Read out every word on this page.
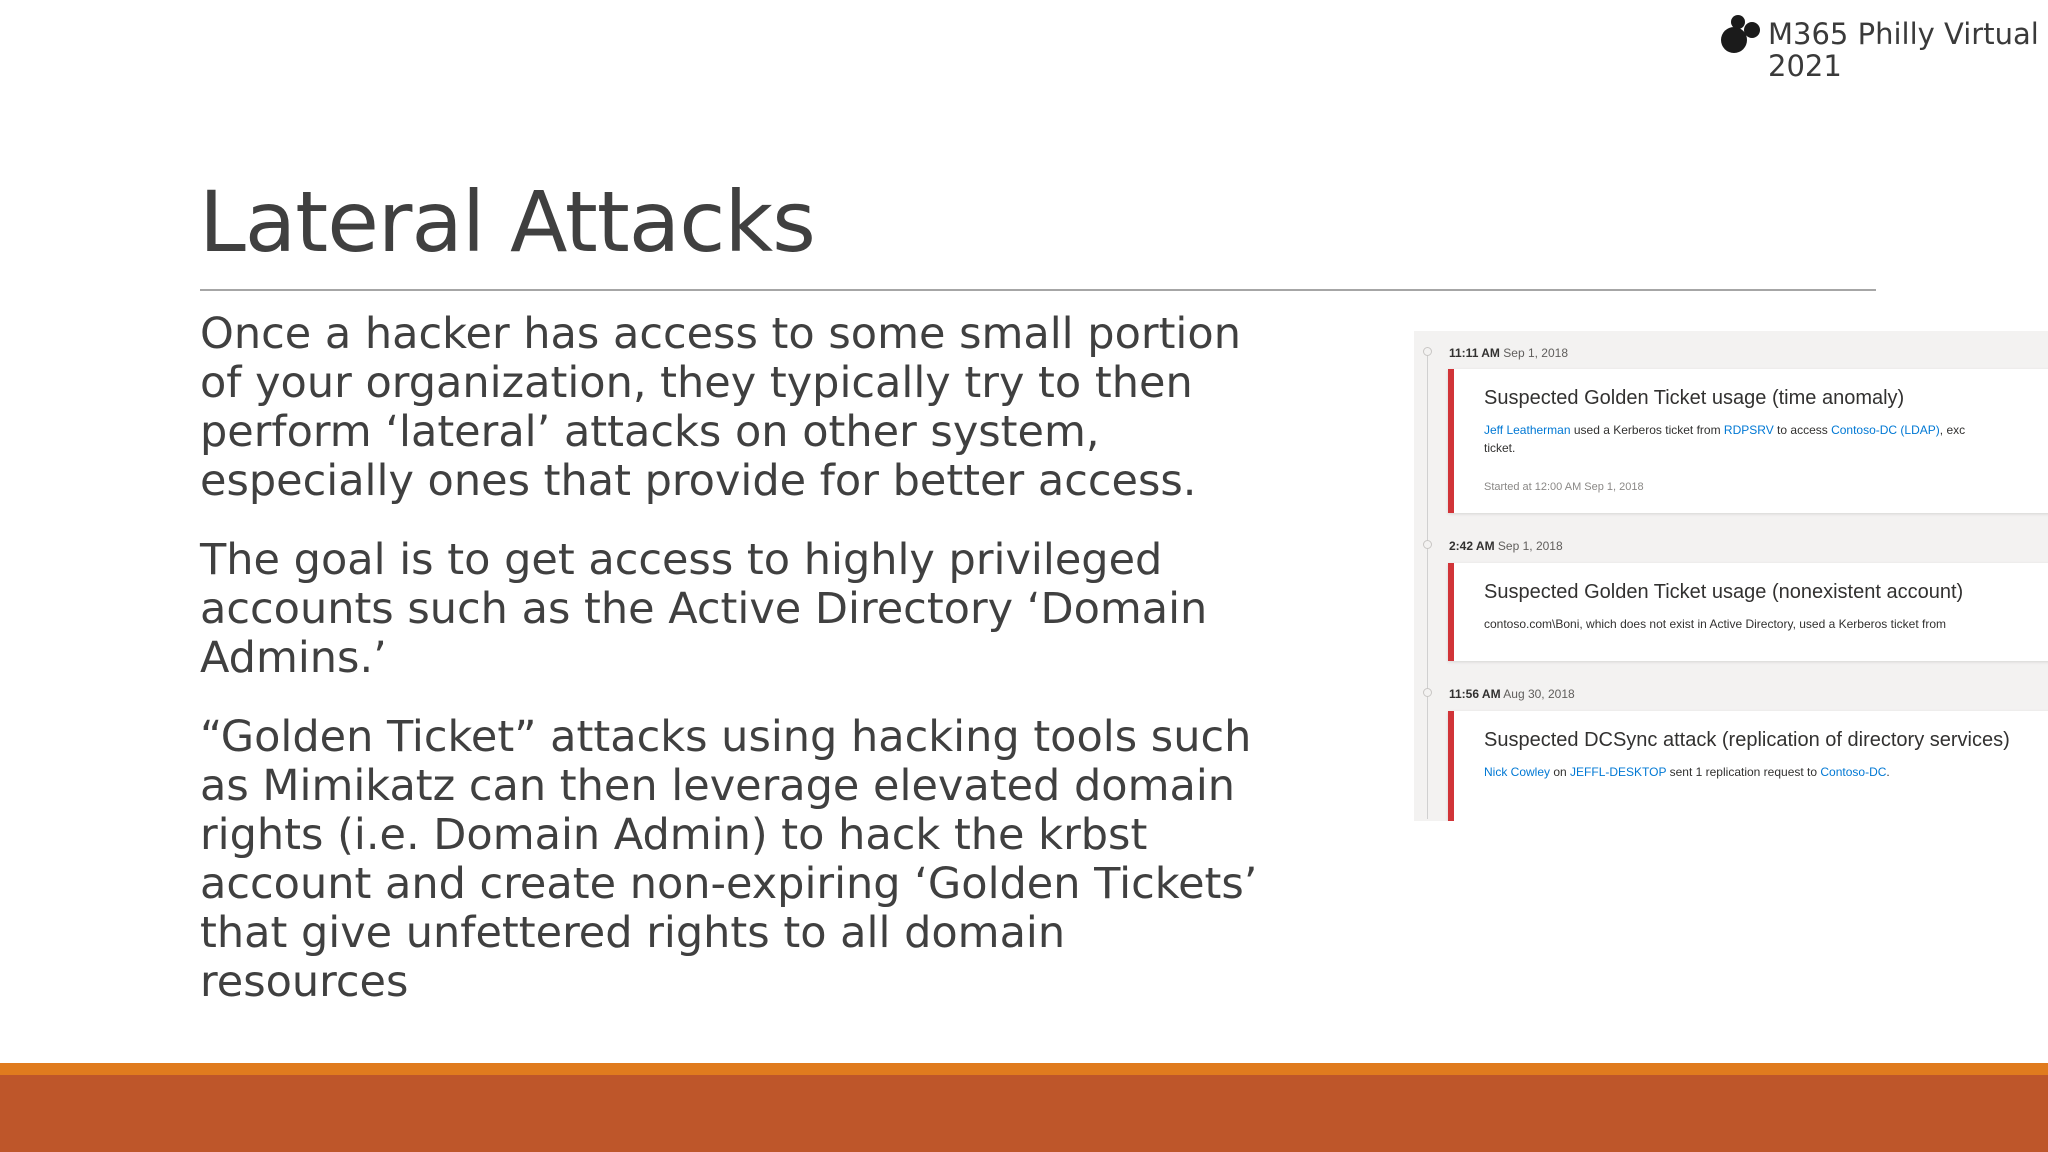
M365 Philly Virtual
2021
Lateral Attacks

Once a hacker has access to some small portion of your organization, they typically try to then perform ‘lateral’ attacks on other system, especially ones that provide for better access.

The goal is to get access to highly privileged accounts such as the Active Directory ‘Domain Admins.’

“Golden Ticket” attacks using hacking tools such as Mimikatz can then leverage elevated domain rights (i.e. Domain Admin) to hack the krbst account and create non-expiring ‘Golden Tickets’ that give unfettered rights to all domain resources

11:11 AM Sep 1, 2018
Suspected Golden Ticket usage (time anomaly)
Jeff Leatherman used a Kerberos ticket from RDPSRV to access Contoso-DC (LDAP), exc
ticket.
Started at 12:00 AM Sep 1, 2018
2:42 AM Sep 1, 2018
Suspected Golden Ticket usage (nonexistent account)
contoso.com\Boni, which does not exist in Active Directory, used a Kerberos ticket from
11:56 AM Aug 30, 2018
Suspected DCSync attack (replication of directory services)
Nick Cowley on JEFFL-DESKTOP sent 1 replication request to Contoso-DC.
